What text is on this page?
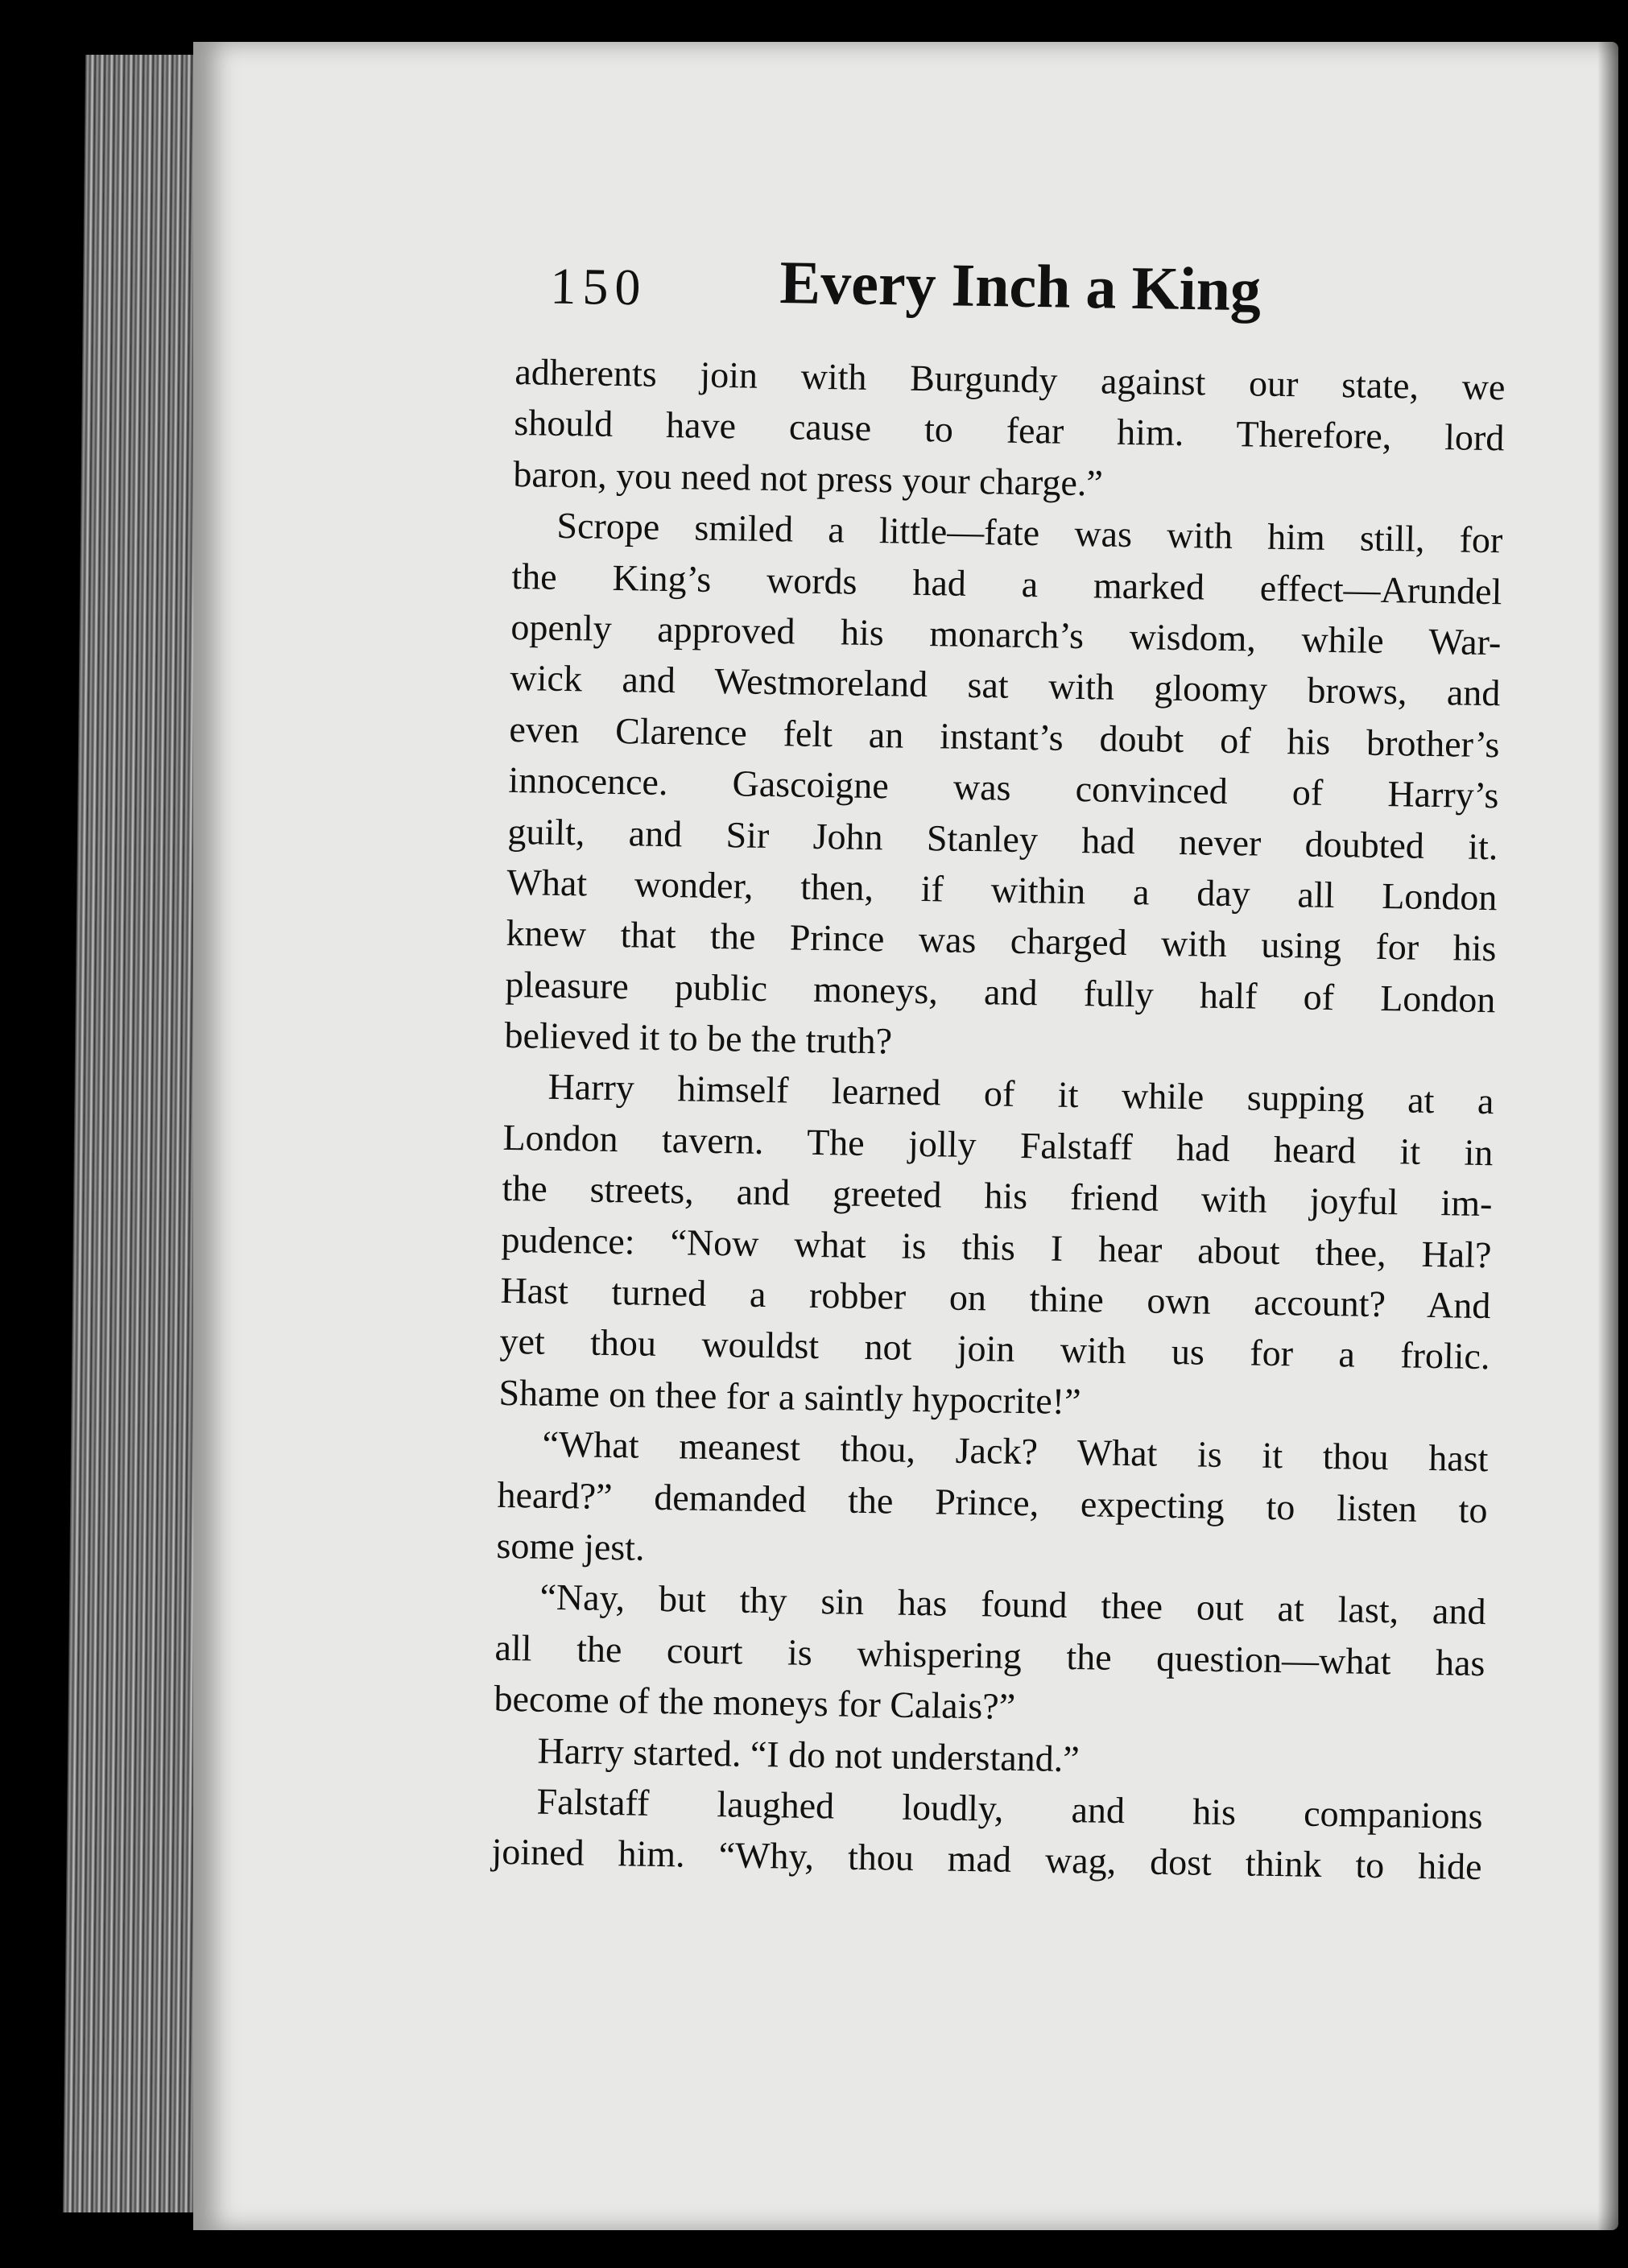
150 Every Inch a King
adherents join with Burgundy against our state, we
should have cause to fear him. Therefore, lord
baron, you need not press your charge.”
Scrope smiled a little—fate was with him still, for
the King’s words had a marked effect—Arundel
openly approved his monarch’s wisdom, while War-
wick and Westmoreland sat with gloomy brows, and
even Clarence felt an instant’s doubt of his brother’s
innocence. Gascoigne was convinced of Harry’s
guilt, and Sir John Stanley had never doubted it.
What wonder, then, if within a day all London
knew that the Prince was charged with using for his
pleasure public moneys, and fully half of London
believed it to be the truth?
Harry himself learned of it while supping at a
London tavern. The jolly Falstaff had heard it in
the streets, and greeted his friend with joyful im-
pudence: “Now what is this I hear about thee, Hal?
Hast turned a robber on thine own account? And
yet thou wouldst not join with us for a frolic.
Shame on thee for a saintly hypocrite!”
“What meanest thou, Jack? What is it thou hast
heard?” demanded the Prince, expecting to listen to
some jest.
“Nay, but thy sin has found thee out at last, and
all the court is whispering the question—what has
become of the moneys for Calais?”
Harry started. “I do not understand.”
Falstaff laughed loudly, and his companions
joined him. “Why, thou mad wag, dost think to hide
